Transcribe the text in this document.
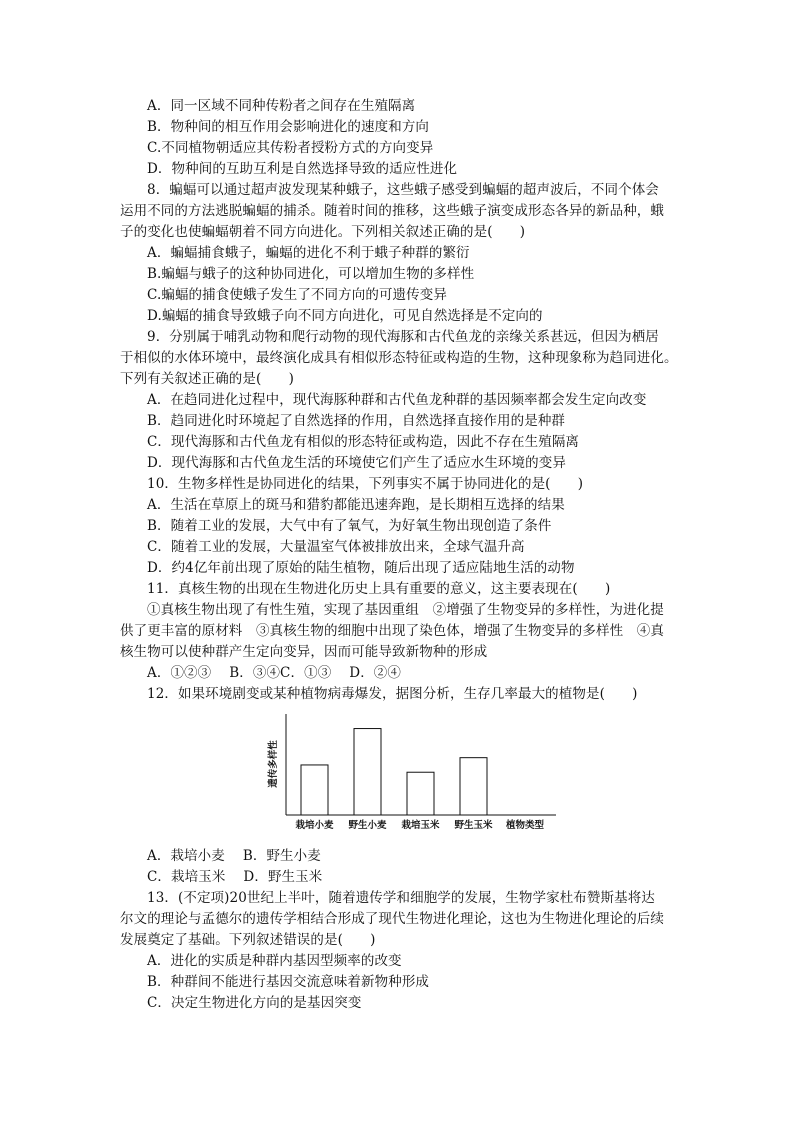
A．同一区域不同种传粉者之间存在生殖隔离
B．物种间的相互作用会影响进化的速度和方向
C.不同植物朝适应其传粉者授粉方式的方向变异
D．物种间的互助互利是自然选择导致的适应性进化
8．蝙蝠可以通过超声波发现某种蛾子，这些蛾子感受到蝙蝠的超声波后，不同个体会
运用不同的方法逃脱蝙蝠的捕杀。随着时间的推移，这些蛾子演变成形态各异的新品种，蛾
子的变化也使蝙蝠朝着不同方向进化。下列相关叙述正确的是(　　)
A．蝙蝠捕食蛾子，蝙蝠的进化不利于蛾子种群的繁衍
B.蝙蝠与蛾子的这种协同进化，可以增加生物的多样性
C.蝙蝠的捕食使蛾子发生了不同方向的可遗传变异
D.蝙蝠的捕食导致蛾子向不同方向进化，可见自然选择是不定向的
9．分别属于哺乳动物和爬行动物的现代海豚和古代鱼龙的亲缘关系甚远，但因为栖居
于相似的水体环境中，最终演化成具有相似形态特征或构造的生物，这种现象称为趋同进化。
下列有关叙述正确的是(　　)
A．在趋同进化过程中，现代海豚种群和古代鱼龙种群的基因频率都会发生定向改变
B．趋同进化时环境起了自然选择的作用，自然选择直接作用的是种群
C．现代海豚和古代鱼龙有相似的形态特征或构造，因此不存在生殖隔离
D．现代海豚和古代鱼龙生活的环境使它们产生了适应水生环境的变异
10．生物多样性是协同进化的结果，下列事实不属于协同进化的是(　　)
A．生活在草原上的斑马和猎豹都能迅速奔跑，是长期相互选择的结果
B．随着工业的发展，大气中有了氧气，为好氧生物出现创造了条件
C．随着工业的发展，大量温室气体被排放出来，全球气温升高
D．约4亿年前出现了原始的陆生植物，随后出现了适应陆地生活的动物
11．真核生物的出现在生物进化历史上具有重要的意义，这主要表现在(　　)
①真核生物出现了有性生殖，实现了基因重组　②增强了生物变异的多样性，为进化提
供了更丰富的原材料　③真核生物的细胞中出现了染色体，增强了生物变异的多样性　④真
核生物可以使种群产生定向变异，因而可能导致新物种的形成
A．①②③　 B．③④C．①③　 D．②④
12．如果环境剧变或某种植物病毒爆发，据图分析，生存几率最大的植物是(　　)
栽培小麦 野生小麦 栽培玉米 野生玉米
遗传多样性
植物类型
A．栽培小麦　 B．野生小麦
C．栽培玉米　 D．野生玉米
13．(不定项)20世纪上半叶，随着遗传学和细胞学的发展，生物学家杜布赞斯基将达
尔文的理论与孟德尔的遗传学相结合形成了现代生物进化理论，这也为生物进化理论的后续
发展奠定了基础。下列叙述错误的是(　　)
A．进化的实质是种群内基因型频率的改变
B．种群间不能进行基因交流意味着新物种形成
C．决定生物进化方向的是基因突变
